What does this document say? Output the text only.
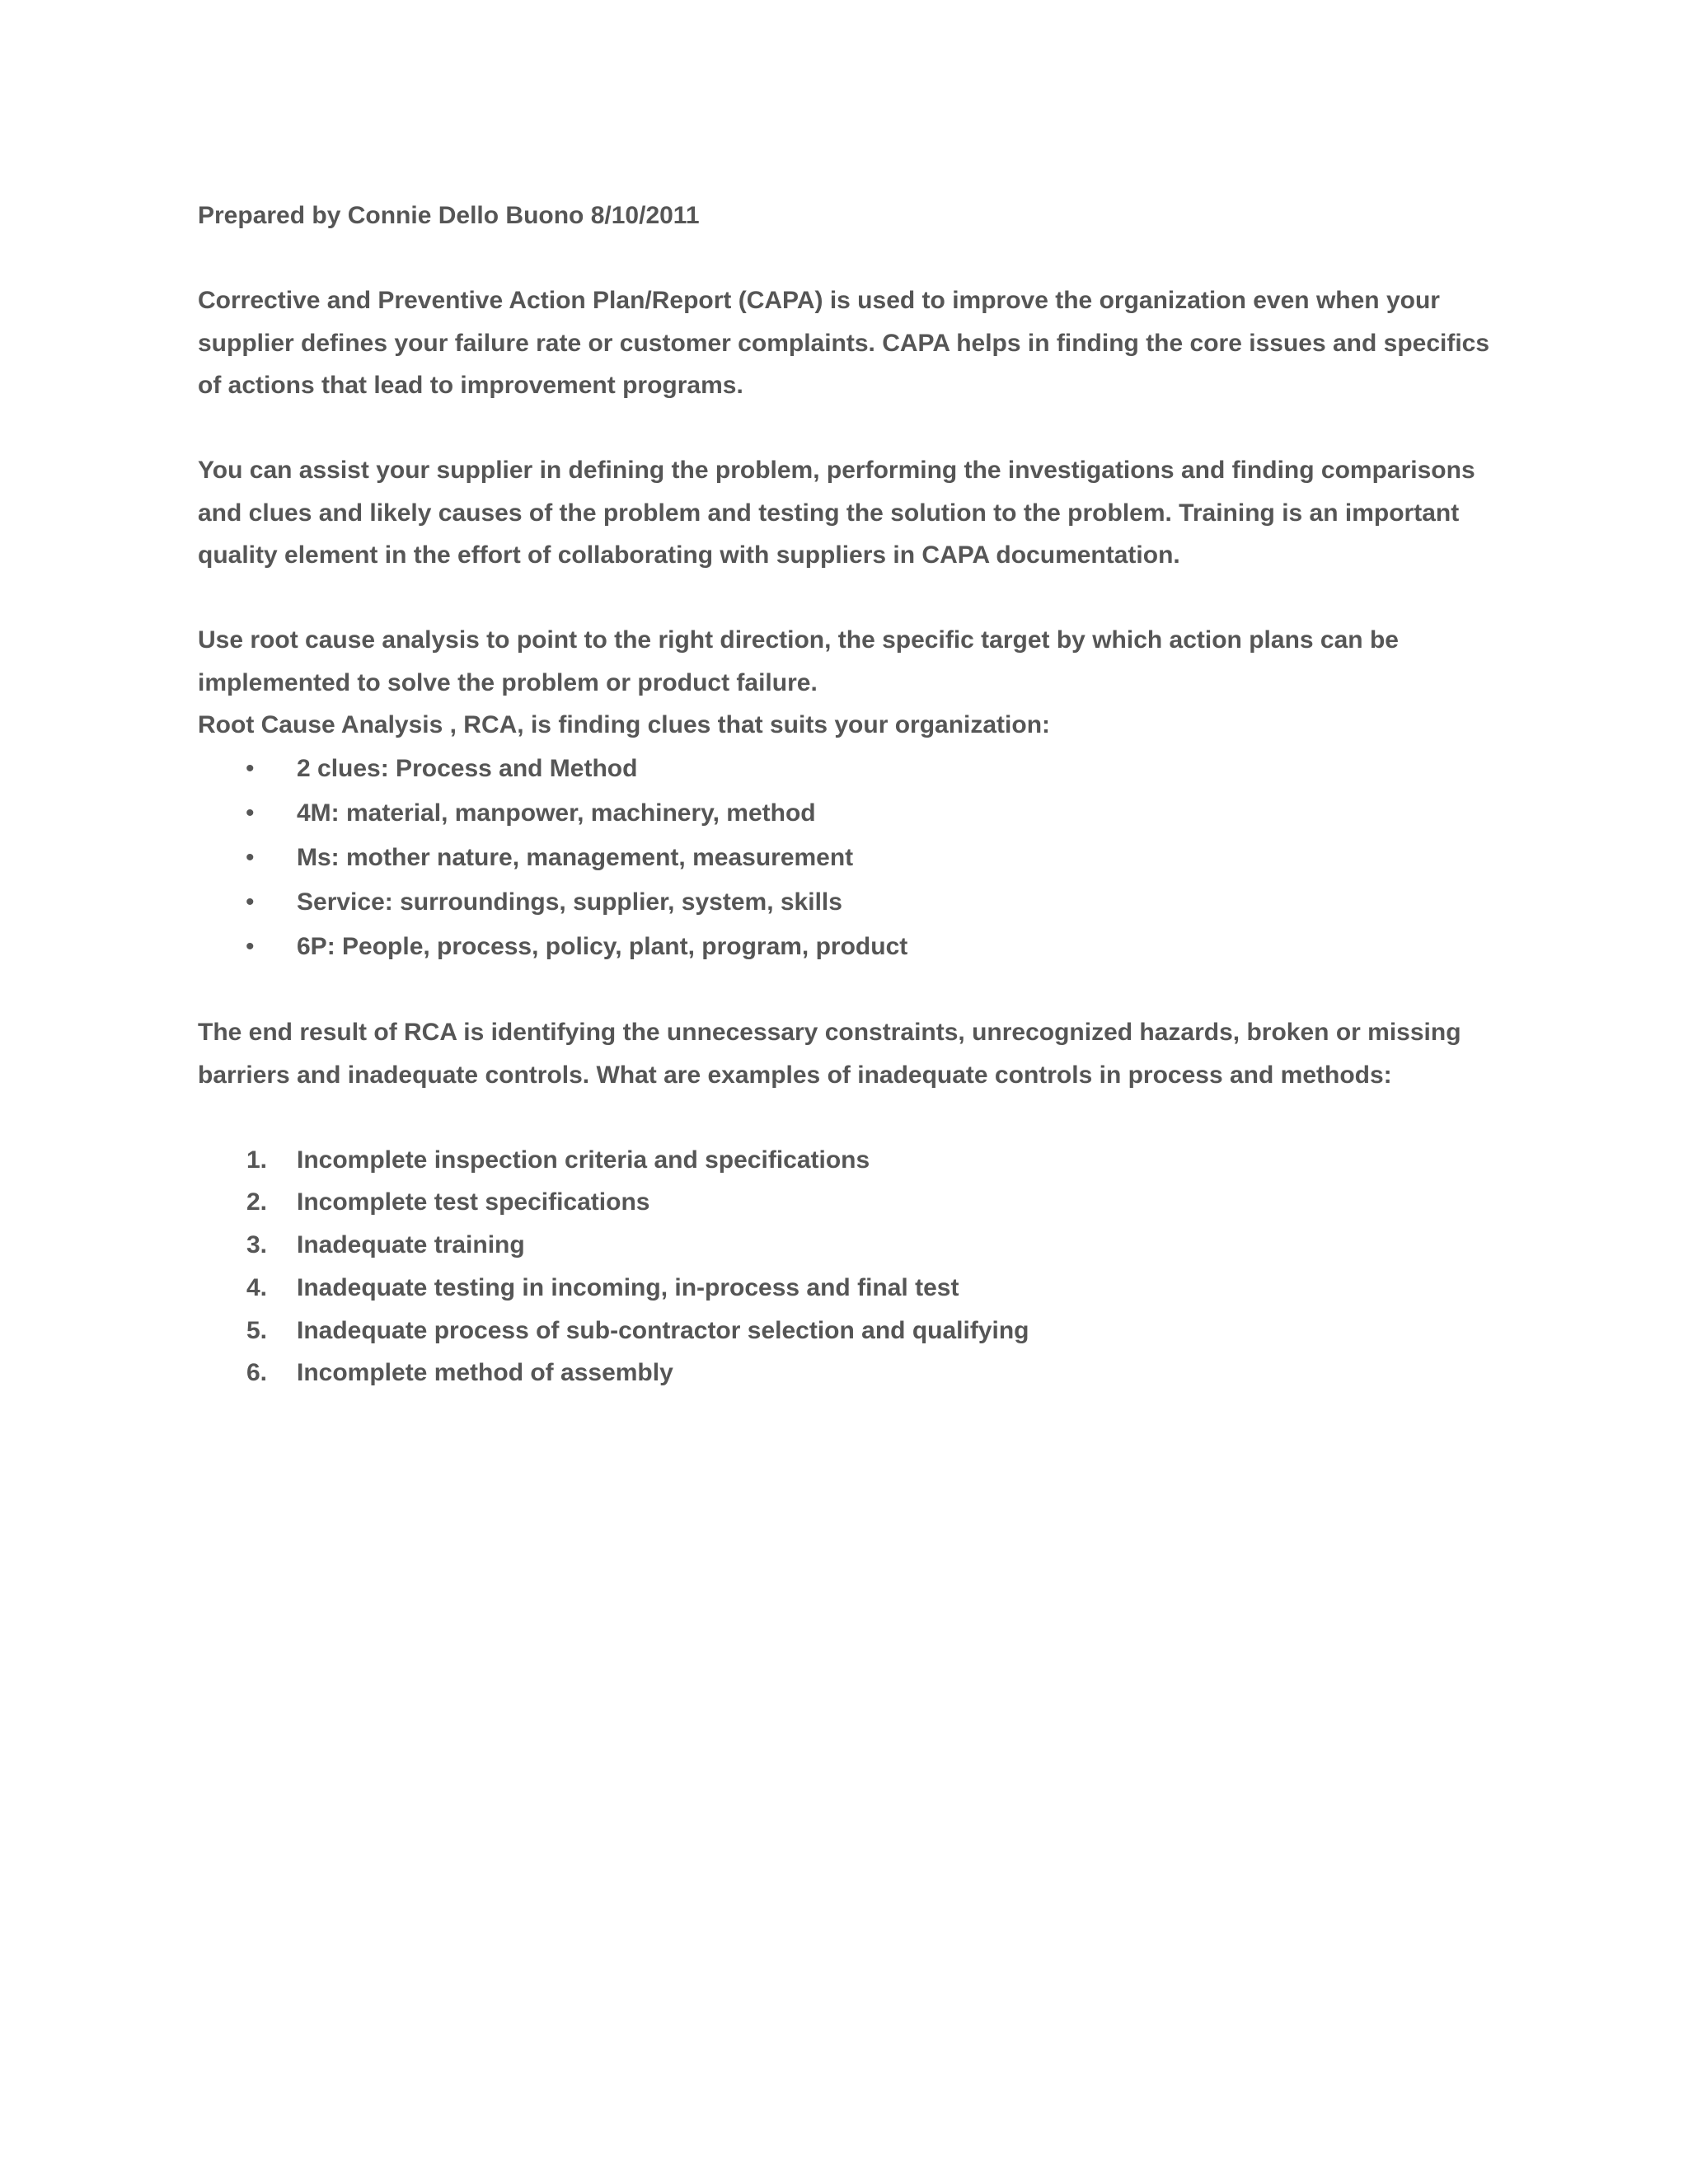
Prepared by Connie Dello Buono 8/10/2011

Corrective and Preventive Action Plan/Report (CAPA) is used to improve the organization even when your supplier defines your failure rate or customer complaints. CAPA helps in finding the core issues and specifics of actions that lead to improvement programs.

You can assist your supplier in defining the problem, performing the investigations and finding comparisons and clues and likely causes of the problem and testing the solution to the problem. Training is an important quality element in the effort of collaborating with suppliers in CAPA documentation.

Use root cause analysis to point to the right direction, the specific target by which action plans can be implemented to solve the problem or product failure.

Root Cause Analysis , RCA, is finding clues that suits your organization:

• 2 clues: Process and Method
• 4M: material, manpower, machinery, method
• Ms: mother nature, management, measurement
• Service: surroundings, supplier, system, skills
• 6P: People, process, policy, plant, program, product

The end result of RCA is identifying the unnecessary constraints, unrecognized hazards, broken or missing barriers and inadequate controls. What are examples of inadequate controls in process and methods:

1. Incomplete inspection criteria and specifications
2. Incomplete test specifications
3. Inadequate training
4. Inadequate testing in incoming, in-process and final test
5. Inadequate process of sub-contractor selection and qualifying
6. Incomplete method of assembly
